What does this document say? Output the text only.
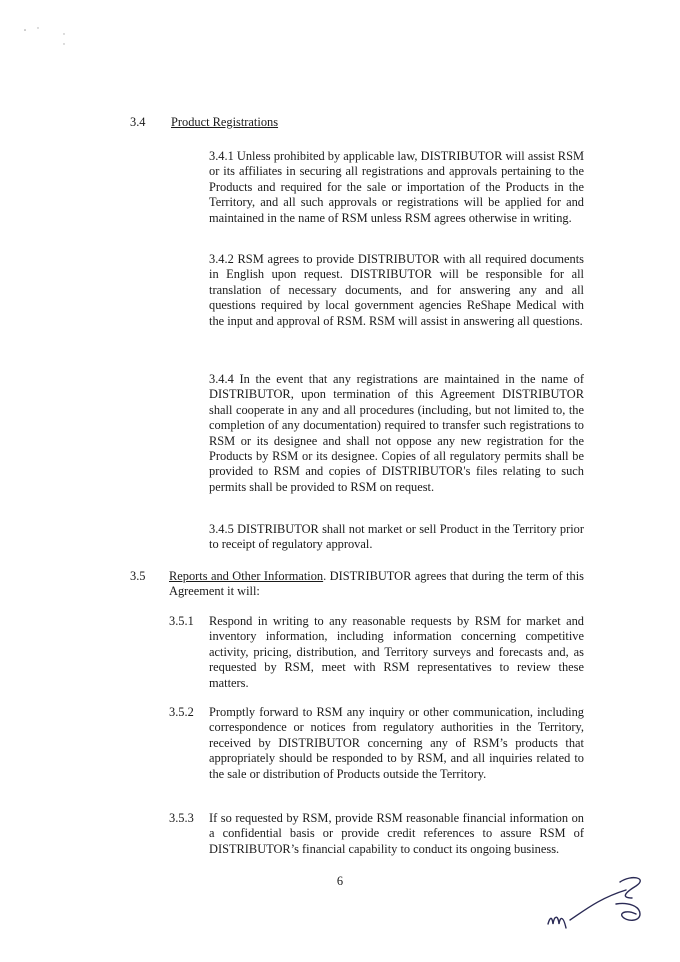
3.4 Product Registrations

3.4.1 Unless prohibited by applicable law, DISTRIBUTOR will assist RSM or its affiliates in securing all registrations and approvals pertaining to the Products and required for the sale or importation of the Products in the Territory, and all such approvals or registrations will be applied for and maintained in the name of RSM unless RSM agrees otherwise in writing.

3.4.2 RSM agrees to provide DISTRIBUTOR with all required documents in English upon request. DISTRIBUTOR will be responsible for all translation of necessary documents, and for answering any and all questions required by local government agencies ReShape Medical with the input and approval of RSM. RSM will assist in answering all questions.

3.4.4 In the event that any registrations are maintained in the name of DISTRIBUTOR, upon termination of this Agreement DISTRIBUTOR shall cooperate in any and all procedures (including, but not limited to, the completion of any documentation) required to transfer such registrations to RSM or its designee and shall not oppose any new registration for the Products by RSM or its designee. Copies of all regulatory permits shall be provided to RSM and copies of DISTRIBUTOR's files relating to such permits shall be provided to RSM on request.

3.4.5 DISTRIBUTOR shall not market or sell Product in the Territory prior to receipt of regulatory approval.

3.5 Reports and Other Information. DISTRIBUTOR agrees that during the term of this Agreement it will:

3.5.1 Respond in writing to any reasonable requests by RSM for market and inventory information, including information concerning competitive activity, pricing, distribution, and Territory surveys and forecasts and, as requested by RSM, meet with RSM representatives to review these matters.

3.5.2 Promptly forward to RSM any inquiry or other communication, including correspondence or notices from regulatory authorities in the Territory, received by DISTRIBUTOR concerning any of RSM’s products that appropriately should be responded to by RSM, and all inquiries related to the sale or distribution of Products outside the Territory.

3.5.3 If so requested by RSM, provide RSM reasonable financial information on a confidential basis or provide credit references to assure RSM of DISTRIBUTOR’s financial capability to conduct its ongoing business.

6
